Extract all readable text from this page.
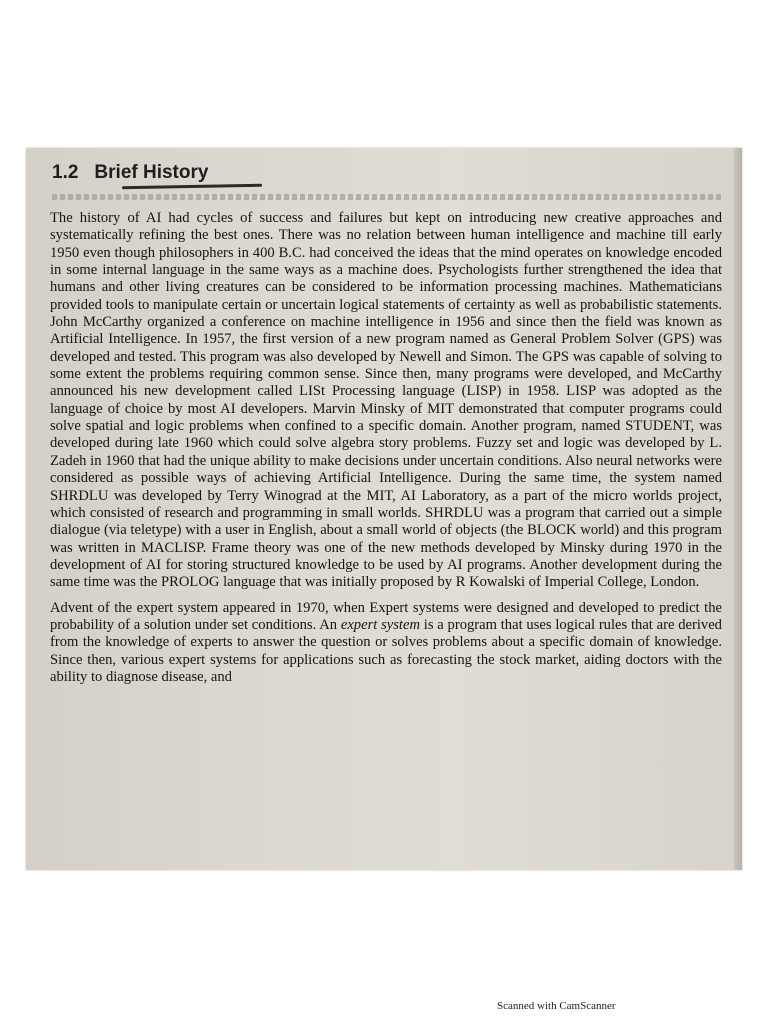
1.2 Brief History

The history of AI had cycles of success and failures but kept on introducing new creative approaches and systematically refining the best ones. There was no relation between human intelligence and machine till early 1950 even though philosophers in 400 B.C. had conceived the ideas that the mind operates on knowledge encoded in some internal language in the same ways as a machine does. Psychologists further strengthened the idea that humans and other living creatures can be considered to be information processing machines. Mathematicians provided tools to manipulate certain or uncertain logical statements of certainty as well as probabilistic statements. John McCarthy organized a conference on machine intelligence in 1956 and since then the field was known as Artificial Intelligence. In 1957, the first version of a new program named as General Problem Solver (GPS) was developed and tested. This program was also developed by Newell and Simon. The GPS was capable of solving to some extent the problems requiring common sense. Since then, many programs were developed, and McCarthy announced his new development called LISt Processing language (LISP) in 1958. LISP was adopted as the language of choice by most AI developers. Marvin Minsky of MIT demonstrated that computer programs could solve spatial and logic problems when confined to a specific domain. Another program, named STUDENT, was developed during late 1960 which could solve algebra story problems. Fuzzy set and logic was developed by L. Zadeh in 1960 that had the unique ability to make decisions under uncertain conditions. Also neural networks were considered as possible ways of achieving Artificial Intelligence. During the same time, the system named SHRDLU was developed by Terry Winograd at the MIT, AI Laboratory, as a part of the micro worlds project, which consisted of research and programming in small worlds. SHRDLU was a program that carried out a simple dialogue (via teletype) with a user in English, about a small world of objects (the BLOCK world) and this program was written in MACLISP. Frame theory was one of the new methods developed by Minsky during 1970 in the development of AI for storing structured knowledge to be used by AI programs. Another development during the same time was the PROLOG language that was initially proposed by R Kowalski of Imperial College, London.

Advent of the expert system appeared in 1970, when Expert systems were designed and developed to predict the probability of a solution under set conditions. An expert system is a program that uses logical rules that are derived from the knowledge of experts to answer the question or solves problems about a specific domain of knowledge. Since then, various expert systems for applications such as forecasting the stock market, aiding doctors with the ability to diagnose disease, and

Scanned with CamScanner
